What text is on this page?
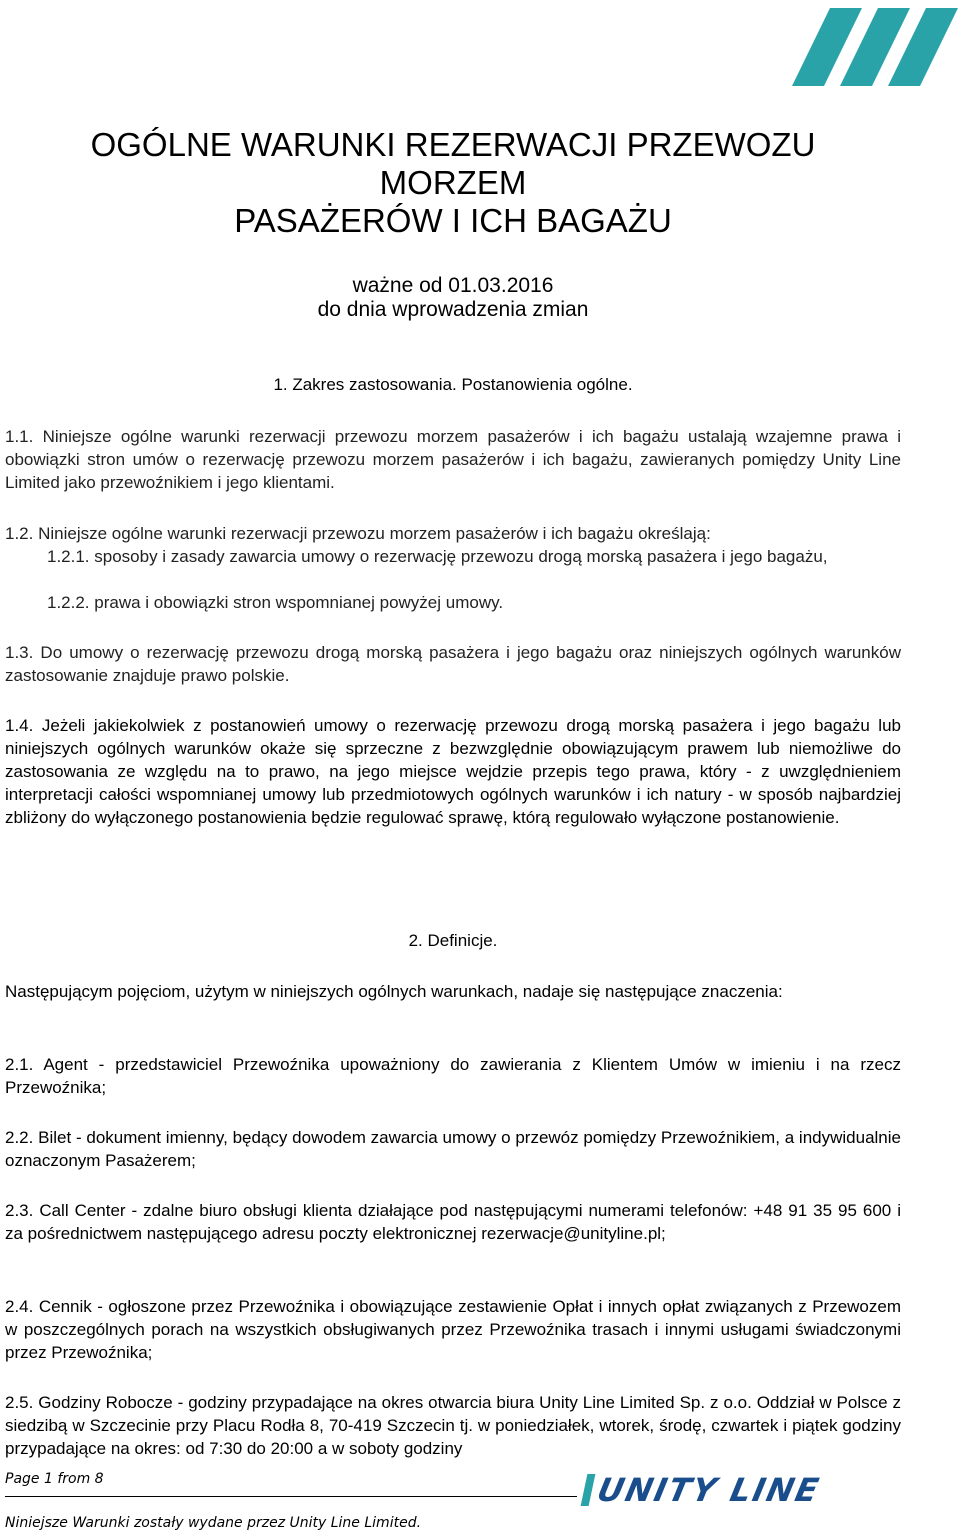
OGÓLNE WARUNKI REZERWACJI PRZEWOZU
MORZEM
PASAŻERÓW I ICH BAGAŻU
ważne od 01.03.2016
do dnia wprowadzenia zmian
1. Zakres zastosowania. Postanowienia ogólne.

1.1. Niniejsze ogólne warunki rezerwacji przewozu morzem pasażerów i ich bagażu ustalają wzajemne prawa i obowiązki stron umów o rezerwację przewozu morzem pasażerów i ich bagażu, zawieranych pomiędzy Unity Line Limited jako przewoźnikiem i jego klientami.

1.2. Niniejsze ogólne warunki rezerwacji przewozu morzem pasażerów i ich bagażu określają:

1.2.1. sposoby i zasady zawarcia umowy o rezerwację przewozu drogą morską pasażera i jego bagażu,

1.2.2. prawa i obowiązki stron wspomnianej powyżej umowy.

1.3. Do umowy o rezerwację przewozu drogą morską pasażera i jego bagażu oraz niniejszych ogólnych warunków zastosowanie znajduje prawo polskie.

1.4. Jeżeli jakiekolwiek z postanowień umowy o rezerwację przewozu drogą morską pasażera i jego bagażu lub niniejszych ogólnych warunków okaże się sprzeczne z bezwzględnie obowiązującym prawem lub niemożliwe do zastosowania ze względu na to prawo, na jego miejsce wejdzie przepis tego prawa, który - z uwzględnieniem interpretacji całości wspomnianej umowy lub przedmiotowych ogólnych warunków i ich natury - w sposób najbardziej zbliżony do wyłączonego postanowienia będzie regulować sprawę, którą regulowało wyłączone postanowienie.

2. Definicje.

Następującym pojęciom, użytym w niniejszych ogólnych warunkach, nadaje się następujące znaczenia:

2.1. Agent - przedstawiciel Przewoźnika upoważniony do zawierania z Klientem Umów w imieniu i na rzecz Przewoźnika;

2.2. Bilet - dokument imienny, będący dowodem zawarcia umowy o przewóz pomiędzy Przewoźnikiem, a indywidualnie oznaczonym Pasażerem;

2.3. Call Center - zdalne biuro obsługi klienta działające pod następującymi numerami telefonów: +48 91 35 95 600 i za pośrednictwem następującego adresu poczty elektronicznej rezerwacje@unityline.pl;

2.4. Cennik - ogłoszone przez Przewoźnika i obowiązujące zestawienie Opłat i innych opłat związanych z Przewozem w poszczególnych porach na wszystkich obsługiwanych przez Przewoźnika trasach i innymi usługami świadczonymi przez Przewoźnika;

2.5. Godziny Robocze - godziny przypadające na okres otwarcia biura Unity Line Limited Sp. z o.o. Oddział w Polsce z siedzibą w Szczecinie przy Placu Rodła 8, 70-419 Szczecin tj. w poniedziałek, wtorek, środę, czwartek i piątek godziny przypadające na okres: od 7:30 do 20:00 a w soboty godziny

Page 1 from 8
Niniejsze Warunki zostały wydane przez Unity Line Limited.
UNITY LINE
